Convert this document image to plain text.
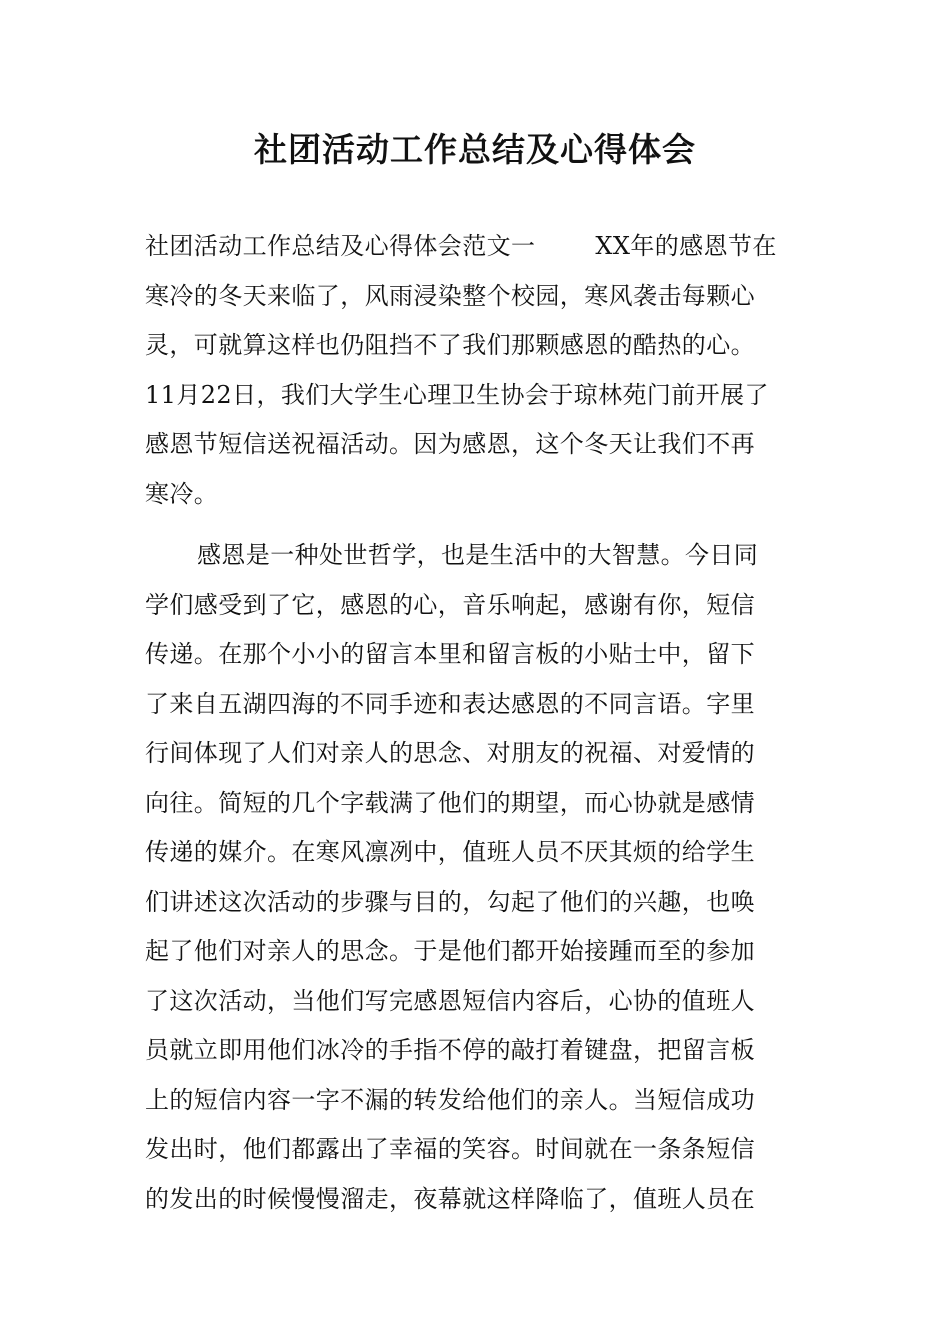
社团活动工作总结及心得体会
社团活动工作总结及心得体会范文一	XX年的感恩节在
寒冷的冬天来临了，风雨浸染整个校园，寒风袭击每颗心
灵，可就算这样也仍阻挡不了我们那颗感恩的酷热的心。
11月22日，我们大学生心理卫生协会于琼林苑门前开展了
感恩节短信送祝福活动。因为感恩，这个冬天让我们不再
寒冷。
感恩是一种处世哲学，也是生活中的大智慧。今日同
学们感受到了它，感恩的心，音乐响起，感谢有你，短信
传递。在那个小小的留言本里和留言板的小贴士中，留下
了来自五湖四海的不同手迹和表达感恩的不同言语。字里
行间体现了人们对亲人的思念、对朋友的祝福、对爱情的
向往。简短的几个字载满了他们的期望，而心协就是感情
传递的媒介。在寒风凛冽中，值班人员不厌其烦的给学生
们讲述这次活动的步骤与目的，勾起了他们的兴趣，也唤
起了他们对亲人的思念。于是他们都开始接踵而至的参加
了这次活动，当他们写完感恩短信内容后，心协的值班人
员就立即用他们冰冷的手指不停的敲打着键盘，把留言板
上的短信内容一字不漏的转发给他们的亲人。当短信成功
发出时，他们都露出了幸福的笑容。时间就在一条条短信
的发出的时候慢慢溜走，夜幕就这样降临了，值班人员在
